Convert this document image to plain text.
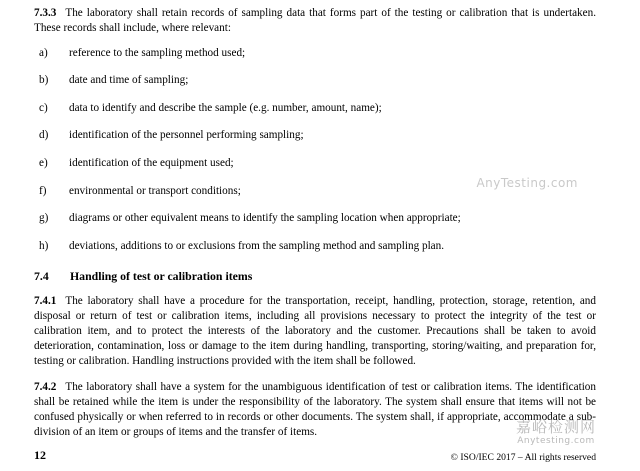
7.3.3 The laboratory shall retain records of sampling data that forms part of the testing or calibration that is undertaken. These records shall include, where relevant:

a) reference to the sampling method used;
b) date and time of sampling;
c) data to identify and describe the sample (e.g. number, amount, name);
d) identification of the personnel performing sampling;
e) identification of the equipment used;
f) environmental or transport conditions;
g) diagrams or other equivalent means to identify the sampling location when appropriate;
h) deviations, additions to or exclusions from the sampling method and sampling plan.
7.4 Handling of test or calibration items

7.4.1 The laboratory shall have a procedure for the transportation, receipt, handling, protection, storage, retention, and disposal or return of test or calibration items, including all provisions necessary to protect the integrity of the test or calibration item, and to protect the interests of the laboratory and the customer. Precautions shall be taken to avoid deterioration, contamination, loss or damage to the item during handling, transporting, storing/waiting, and preparation for, testing or calibration. Handling instructions provided with the item shall be followed.

7.4.2 The laboratory shall have a system for the unambiguous identification of test or calibration items. The identification shall be retained while the item is under the responsibility of the laboratory. The system shall ensure that items will not be confused physically or when referred to in records or other documents. The system shall, if appropriate, accommodate a sub-division of an item or groups of items and the transfer of items.

AnyTesting.com
嘉峪检测网
Anytesting.com
12	© ISO/IEC 2017 – All rights reserved
